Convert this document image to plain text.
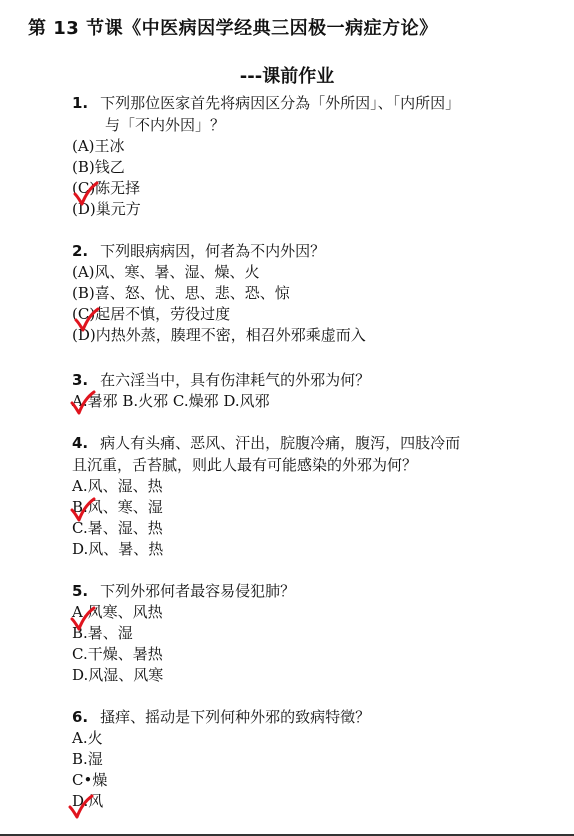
第 13 节课《中医病因学经典三因极一病症方论》
---课前作业

1. 下列那位医家首先将病因区分為「外所因」、「内所因」

与「不内外因」？

(A)王冰

(B)钱乙

(C)陈无择

(D)巢元方

2. 下列眼病病因，何者為不内外因？

(A)风、寒、暑、湿、燥、火

(B)喜、怒、忧、思、悲、恐、惊

(C)起居不慎，劳役过度

(D)内热外蒸，腠理不密，相召外邪乘虚而入

3. 在六淫当中，具有伤津耗气的外邪为何？

A.暑邪 B.火邪 C.燥邪 D.风邪

4. 病人有头痛、恶风、汗出，脘腹冷痛，腹泻，四肢冷而

且沉重，舌苔腻，则此人最有可能感染的外邪为何？

A.风、湿、热

B.风、寒、湿

C.暑、湿、热

D.风、暑、热

5. 下列外邪何者最容易侵犯肺？

A.风寒、风热

B.暑、湿

C.干燥、暑热

D.风湿、风寒

6. 搔痒、摇动是下列何种外邪的致病特徵？

A.火

B.湿

C•燥

D.风
